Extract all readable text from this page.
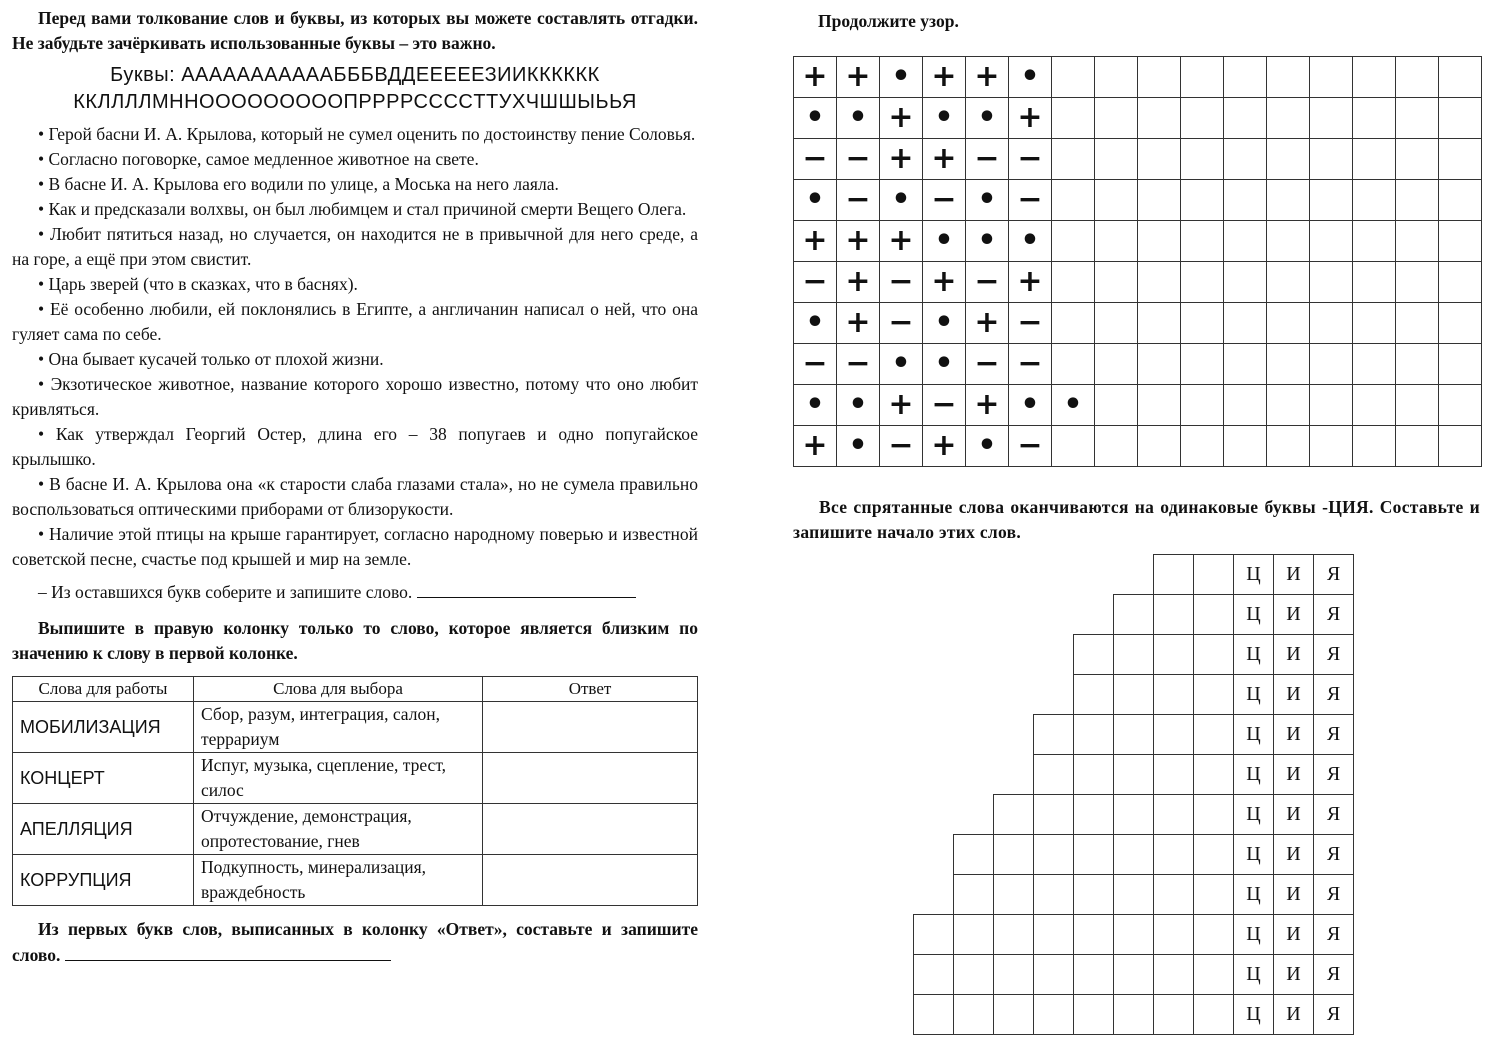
Перед вами толкование слов и буквы, из которых вы можете составлять отгадки. Не забудьте зачёркивать использованные буквы – это важно.

Буквы: АААААААААААБББВДДЕЕЕЕЕЗИИКККККК
ККЛЛЛЛМННOOOOOOOOOПРРРРСССCТТУХЧШШЫЬЬЯ

• Герой басни И. А. Крылова, который не сумел оценить по достоинству пение Соловья.

• Согласно поговорке, самое медленное животное на свете.

• В басне И. А. Крылова его водили по улице, а Моська на него лаяла.

• Как и предсказали волхвы, он был любимцем и стал причиной смерти Вещего Олега.

• Любит пятиться назад, но случается, он находится не в привычной для него среде, а на горе, а ещё при этом свистит.

• Царь зверей (что в сказках, что в баснях).

• Её особенно любили, ей поклонялись в Египте, а англичанин написал о ней, что она гуляет сама по себе.

• Она бывает кусачей только от плохой жизни.

• Экзотическое животное, название которого хорошо известно, потому что оно любит кривляться.

• Как утверждал Георгий Остер, длина его – 38 попугаев и одно попугайское крылышко.

• В басне И. А. Крылова она «к старости слаба глазами стала», но не сумела правильно воспользоваться оптическими приборами от близорукости.

• Наличие этой птицы на крыше гарантирует, согласно народному поверью и известной советской песне, счастье под крышей и мир на земле.

– Из оставшихся букв соберите и запишите слово.

Выпишите в правую колонку только то слово, которое является близким по значению к слову в первой колонке.

Слова для работы	Слова для выбора	Ответ
МОБИЛИЗАЦИЯ	Сбор, разум, интеграция, салон, террариум	
КОНЦЕРТ	Испуг, музыка, сцепление, трест, силос	
АПЕЛЛЯЦИЯ	Отчуждение, демонстрация, опротестование, гнев	
КОРРУПЦИЯ	Подкупность, минерализация, враждебность	

Из первых букв слов, выписанных в колонку «Ответ», составьте и запишите слово.

Продолжите узор.

+	+	•	+	+	•										
•	•	+	•	•	+										
−	−	+	+	−	−										
•	−	•	−	•	−										
+	+	+	•	•	•										
−	+	−	+	−	+										
•	+	−	•	+	−										
−	−	•	•	−	−										
•	•	+	−	+	•	•									
+	•	−	+	•	−										

Все спрятанные слова оканчиваются на одинаковые буквы -ЦИЯ. Составьте и запишите начало этих слов.

								Ц	И	Я
								Ц	И	Я
								Ц	И	Я
								Ц	И	Я
								Ц	И	Я
								Ц	И	Я
								Ц	И	Я
								Ц	И	Я
								Ц	И	Я
								Ц	И	Я
								Ц	И	Я
								Ц	И	Я
